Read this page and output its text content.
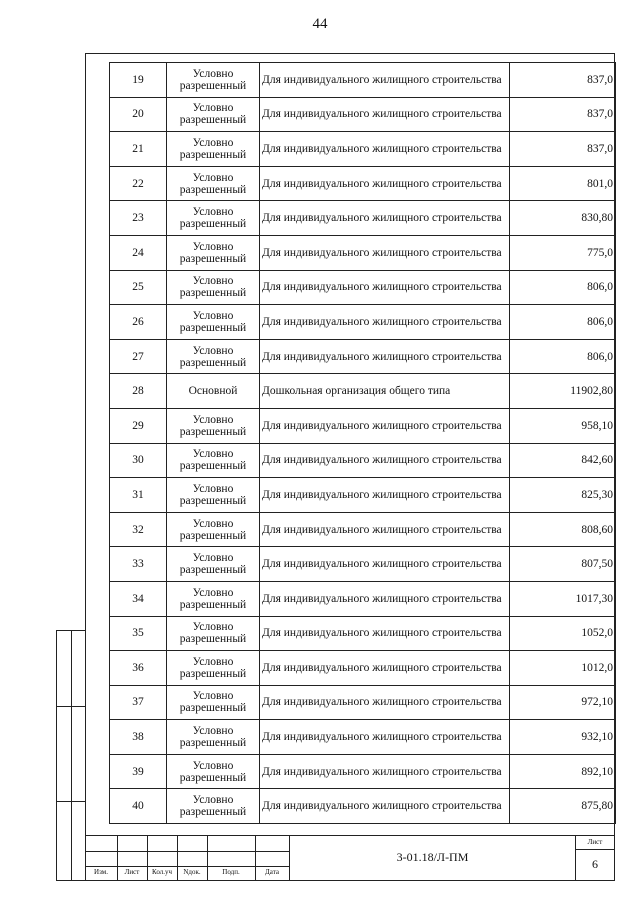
44
19	Условно разрешенный	Для индивидуального жилищного строительства	837,0
20	Условно разрешенный	Для индивидуального жилищного строительства	837,0
21	Условно разрешенный	Для индивидуального жилищного строительства	837,0
22	Условно разрешенный	Для индивидуального жилищного строительства	801,0
23	Условно разрешенный	Для индивидуального жилищного строительства	830,80
24	Условно разрешенный	Для индивидуального жилищного строительства	775,0
25	Условно разрешенный	Для индивидуального жилищного строительства	806,0
26	Условно разрешенный	Для индивидуального жилищного строительства	806,0
27	Условно разрешенный	Для индивидуального жилищного строительства	806,0
28	Основной	Дошкольная организация общего типа	11902,80
29	Условно разрешенный	Для индивидуального жилищного строительства	958,10
30	Условно разрешенный	Для индивидуального жилищного строительства	842,60
31	Условно разрешенный	Для индивидуального жилищного строительства	825,30
32	Условно разрешенный	Для индивидуального жилищного строительства	808,60
33	Условно разрешенный	Для индивидуального жилищного строительства	807,50
34	Условно разрешенный	Для индивидуального жилищного строительства	1017,30
35	Условно разрешенный	Для индивидуального жилищного строительства	1052,0
36	Условно разрешенный	Для индивидуального жилищного строительства	1012,0
37	Условно разрешенный	Для индивидуального жилищного строительства	972,10
38	Условно разрешенный	Для индивидуального жилищного строительства	932,10
39	Условно разрешенный	Для индивидуального жилищного строительства	892,10
40	Условно разрешенный	Для индивидуального жилищного строительства	875,80
Изм.	Лист	Кол.уч	Nдок.	Подп.	Дата
3-01.18/Л-ПМ
Лист
6
